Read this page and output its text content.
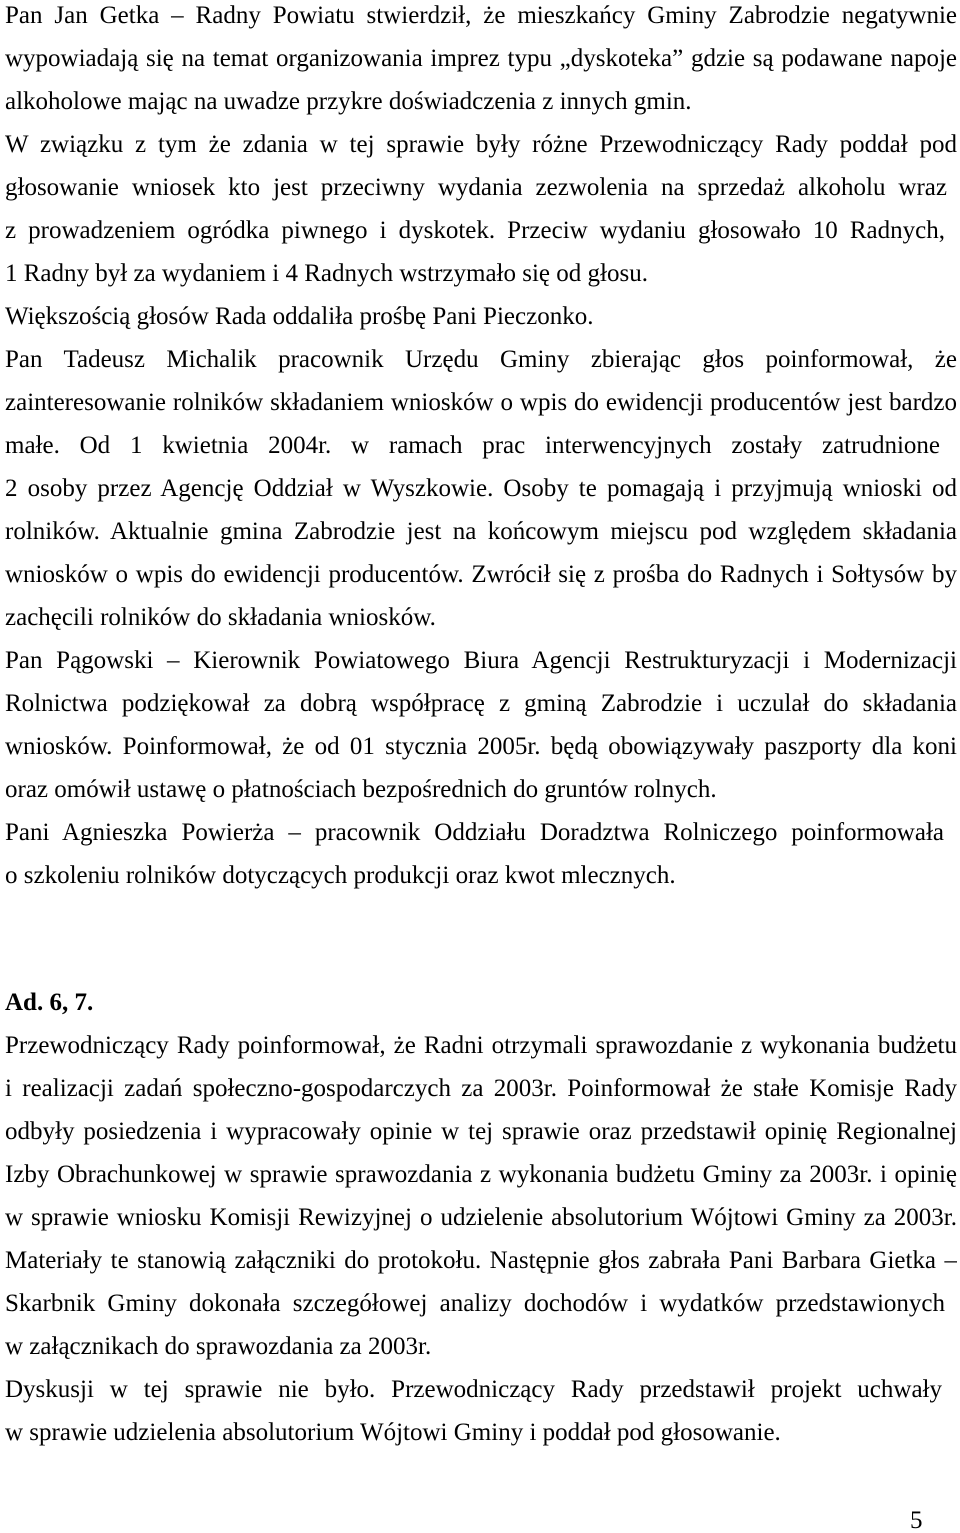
Pan Jan Getka – Radny Powiatu stwierdził, że mieszkańcy Gminy Zabrodzie negatywnie
wypowiadają się na temat organizowania imprez typu „dyskoteka” gdzie są podawane napoje
alkoholowe mając na uwadze przykre doświadczenia z innych gmin.
W związku z tym że zdania w tej sprawie były różne Przewodniczący Rady poddał pod
głosowanie wniosek kto jest przeciwny wydania zezwolenia na sprzedaż alkoholu wraz
z prowadzeniem ogródka piwnego i dyskotek. Przeciw wydaniu głosowało 10 Radnych,
1 Radny był za wydaniem i 4 Radnych wstrzymało się od głosu.
Większością głosów Rada oddaliła prośbę Pani Pieczonko.
Pan Tadeusz Michalik pracownik Urzędu Gminy zbierając głos poinformował, że
zainteresowanie rolników składaniem wniosków o wpis do ewidencji producentów jest bardzo
małe. Od 1 kwietnia 2004r. w ramach prac interwencyjnych zostały zatrudnione
2 osoby przez Agencję Oddział w Wyszkowie. Osoby te pomagają i przyjmują wnioski od
rolników. Aktualnie gmina Zabrodzie jest na końcowym miejscu pod względem składania
wniosków o wpis do ewidencji producentów. Zwrócił się z prośba do Radnych i Sołtysów by
zachęcili rolników do składania wniosków.
Pan Pągowski – Kierownik Powiatowego Biura Agencji Restrukturyzacji i Modernizacji
Rolnictwa podziękował za dobrą współpracę z gminą Zabrodzie i uczulał do składania
wniosków. Poinformował, że od 01 stycznia 2005r. będą obowiązywały paszporty dla koni
oraz omówił ustawę o płatnościach bezpośrednich do gruntów rolnych.
Pani Agnieszka Powierża – pracownik Oddziału Doradztwa Rolniczego poinformowała
o szkoleniu rolników dotyczących produkcji oraz kwot mlecznych.
Ad. 6, 7.
Przewodniczący Rady poinformował, że Radni otrzymali sprawozdanie z wykonania budżetu
i realizacji zadań społeczno-gospodarczych za 2003r. Poinformował że stałe Komisje Rady
odbyły posiedzenia i wypracowały opinie w tej sprawie oraz przedstawił opinię Regionalnej
Izby Obrachunkowej w sprawie sprawozdania z wykonania budżetu Gminy za 2003r. i opinię
w sprawie wniosku Komisji Rewizyjnej o udzielenie absolutorium Wójtowi Gminy za 2003r.
Materiały te stanowią załączniki do protokołu. Następnie głos zabrała Pani Barbara Gietka –
Skarbnik Gminy dokonała szczegółowej analizy dochodów i wydatków przedstawionych
w załącznikach do sprawozdania za 2003r.
Dyskusji w tej sprawie nie było. Przewodniczący Rady przedstawił projekt uchwały
w sprawie udzielenia absolutorium Wójtowi Gminy i poddał pod głosowanie.
5
